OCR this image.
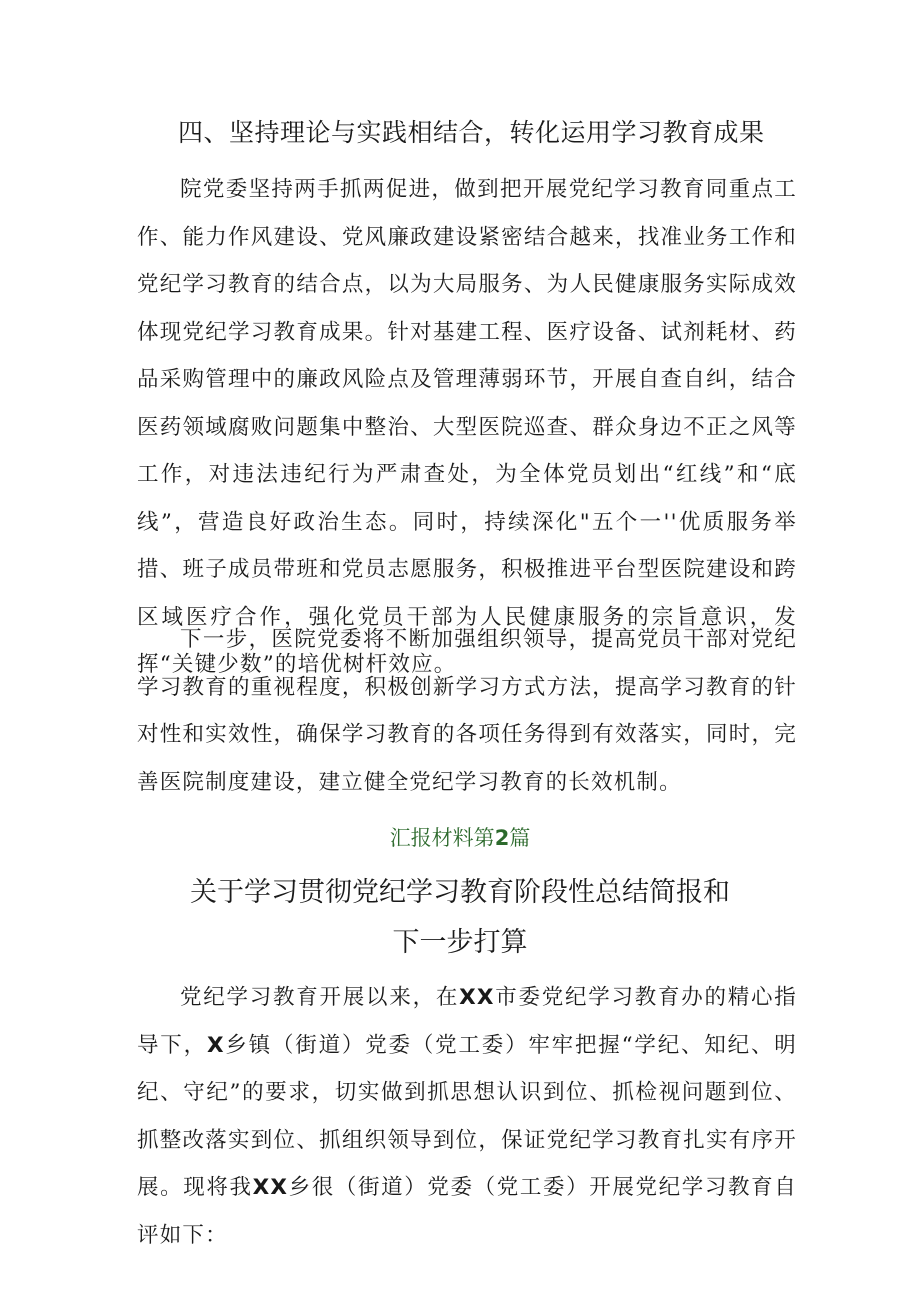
四、坚持理论与实践相结合，转化运用学习教育成果

院党委坚持两手抓两促进，做到把开展党纪学习教育同重点工作、能力作风建设、党风廉政建设紧密结合越来，找准业务工作和党纪学习教育的结合点，以为大局服务、为人民健康服务实际成效体现党纪学习教育成果。针对基建工程、医疗设备、试剂耗材、药品采购管理中的廉政风险点及管理薄弱环节，开展自查自纠，结合医药领域腐败问题集中整治、大型医院巡查、群众身边不正之风等工作，对违法违纪行为严肃查处，为全体党员划出“红线”和“底线”，营造良好政治生态。同时，持续深化"五个一''优质服务举措、班子成员带班和党员志愿服务，积极推进平台型医院建设和跨区域医疗合作，强化党员干部为人民健康服务的宗旨意识，发挥“关键少数”的培优树杆效应。

下一步，医院党委将不断加强组织领导，提高党员干部对党纪学习教育的重视程度，积极创新学习方式方法，提高学习教育的针对性和实效性，确保学习教育的各项任务得到有效落实，同时，完善医院制度建设，建立健全党纪学习教育的长效机制。

汇报材料第2篇

关于学习贯彻党纪学习教育阶段性总结简报和
下一步打算

党纪学习教育开展以来，在XX市委党纪学习教育办的精心指导下，X乡镇（街道）党委（党工委）牢牢把握“学纪、知纪、明纪、守纪”的要求，切实做到抓思想认识到位、抓检视问题到位、抓整改落实到位、抓组织领导到位，保证党纪学习教育扎实有序开展。现将我XX乡很（街道）党委（党工委）开展党纪学习教育自评如下：
